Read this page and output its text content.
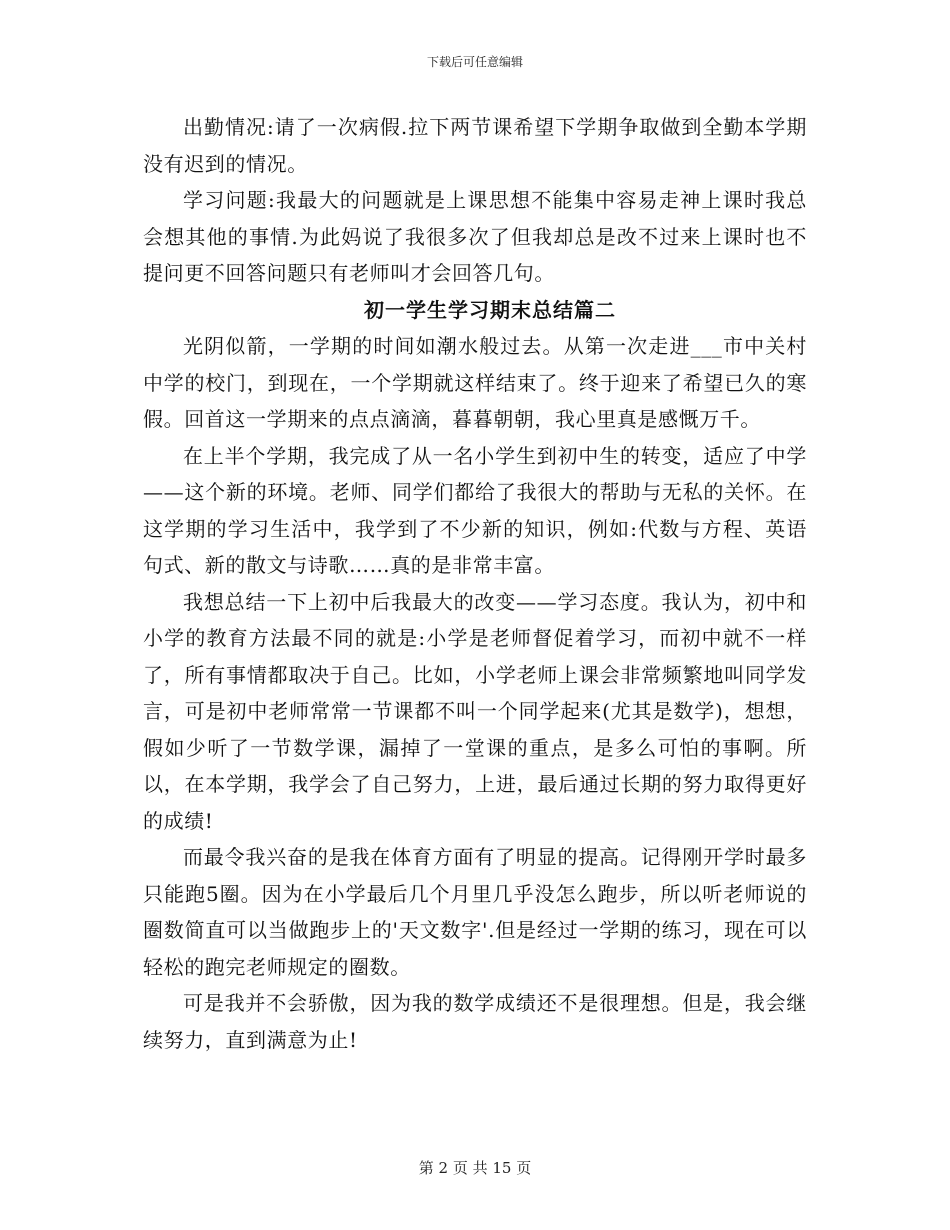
下载后可任意编辑

出勤情况:请了一次病假.拉下两节课希望下学期争取做到全勤本学期没有迟到的情况。

学习问题:我最大的问题就是上课思想不能集中容易走神上课时我总会想其他的事情.为此妈说了我很多次了但我却总是改不过来上课时也不提问更不回答问题只有老师叫才会回答几句。

初一学生学习期末总结篇二

光阴似箭，一学期的时间如潮水般过去。从第一次走进___市中关村中学的校门，到现在，一个学期就这样结束了。终于迎来了希望已久的寒假。回首这一学期来的点点滴滴，暮暮朝朝，我心里真是感慨万千。

在上半个学期，我完成了从一名小学生到初中生的转变，适应了中学——这个新的环境。老师、同学们都给了我很大的帮助与无私的关怀。在这学期的学习生活中，我学到了不少新的知识，例如:代数与方程、英语句式、新的散文与诗歌……真的是非常丰富。

我想总结一下上初中后我最大的改变——学习态度。我认为，初中和小学的教育方法最不同的就是:小学是老师督促着学习，而初中就不一样了，所有事情都取决于自己。比如，小学老师上课会非常频繁地叫同学发言，可是初中老师常常一节课都不叫一个同学起来(尤其是数学)，想想，假如少听了一节数学课，漏掉了一堂课的重点，是多么可怕的事啊。所以，在本学期，我学会了自己努力，上进，最后通过长期的努力取得更好的成绩!

而最令我兴奋的是我在体育方面有了明显的提高。记得刚开学时最多只能跑5圈。因为在小学最后几个月里几乎没怎么跑步，所以听老师说的圈数简直可以当做跑步上的'天文数字'.但是经过一学期的练习，现在可以轻松的跑完老师规定的圈数。

可是我并不会骄傲，因为我的数学成绩还不是很理想。但是，我会继续努力，直到满意为止!

第 2 页 共 15 页
